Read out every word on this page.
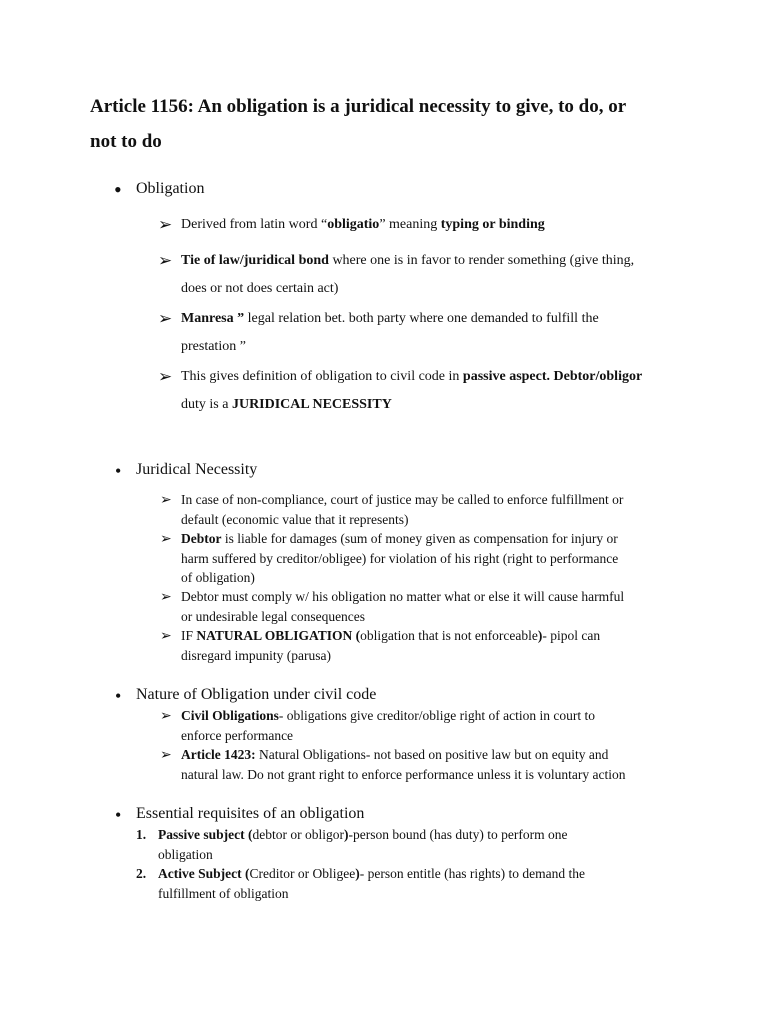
Article 1156: An obligation is a juridical necessity to give, to do, or
not to do
• Obligation
➢ Derived from latin word “obligatio” meaning typing or binding
➢ Tie of law/juridical bond where one is in favor to render something (give thing,
does or not does certain act)
➢ Manresa ” legal relation bet. both party where one demanded to fulfill the
prestation ”
➢ This gives definition of obligation to civil code in passive aspect. Debtor/obligor
duty is a JURIDICAL NECESSITY
• Juridical Necessity
➢ In case of non-compliance, court of justice may be called to enforce fulfillment or
default (economic value that it represents)
➢ Debtor is liable for damages (sum of money given as compensation for injury or
harm suffered by creditor/obligee) for violation of his right (right to performance
of obligation)
➢ Debtor must comply w/ his obligation no matter what or else it will cause harmful
or undesirable legal consequences
➢ IF NATURAL OBLIGATION (obligation that is not enforceable)- pipol can
disregard impunity (parusa)
• Nature of Obligation under civil code
➢ Civil Obligations- obligations give creditor/oblige right of action in court to
enforce performance
➢ Article 1423: Natural Obligations- not based on positive law but on equity and
natural law. Do not grant right to enforce performance unless it is voluntary action
• Essential requisites of an obligation
1. Passive subject (debtor or obligor)-person bound (has duty) to perform one
obligation
2. Active Subject (Creditor or Obligee)- person entitle (has rights) to demand the
fulfillment of obligation
